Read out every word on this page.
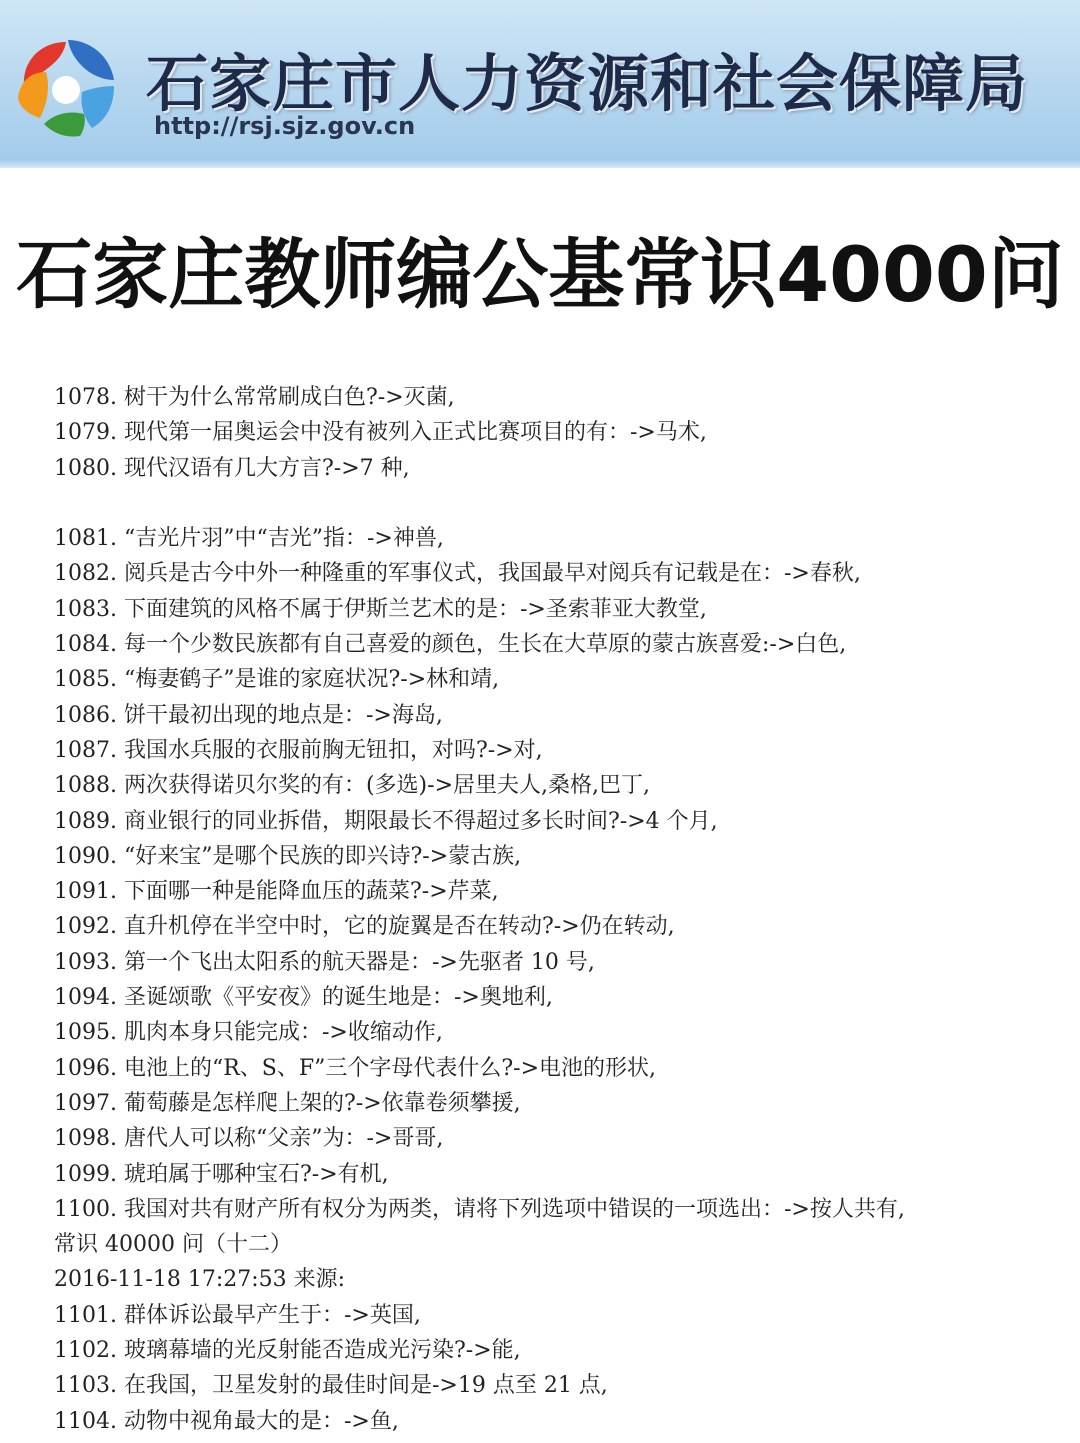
石家庄市人力资源和社会保障局
http://rsj.sjz.gov.cn
石家庄教师编公基常识4000问
1078. 树干为什么常常刷成白色?->灭菌,
1079. 现代第一届奥运会中没有被列入正式比赛项目的有：->马术,
1080. 现代汉语有几大方言?->7 种,
1081. “吉光片羽”中“吉光”指：->神兽,
1082. 阅兵是古今中外一种隆重的军事仪式，我国最早对阅兵有记载是在：->春秋,
1083. 下面建筑的风格不属于伊斯兰艺术的是：->圣索菲亚大教堂,
1084. 每一个少数民族都有自己喜爱的颜色，生长在大草原的蒙古族喜爱:->白色,
1085. “梅妻鹤子”是谁的家庭状况?->林和靖,
1086. 饼干最初出现的地点是：->海岛,
1087. 我国水兵服的衣服前胸无钮扣，对吗?->对,
1088. 两次获得诺贝尔奖的有：(多选)->居里夫人,桑格,巴丁,
1089. 商业银行的同业拆借，期限最长不得超过多长时间?->4 个月,
1090. “好来宝”是哪个民族的即兴诗?->蒙古族,
1091. 下面哪一种是能降血压的蔬菜?->芹菜,
1092. 直升机停在半空中时，它的旋翼是否在转动?->仍在转动,
1093. 第一个飞出太阳系的航天器是：->先驱者 10 号,
1094. 圣诞颂歌《平安夜》的诞生地是：->奥地利,
1095. 肌肉本身只能完成：->收缩动作,
1096. 电池上的“R、S、F”三个字母代表什么?->电池的形状,
1097. 葡萄藤是怎样爬上架的?->依靠卷须攀援,
1098. 唐代人可以称“父亲”为：->哥哥,
1099. 琥珀属于哪种宝石?->有机,
1100. 我国对共有财产所有权分为两类，请将下列选项中错误的一项选出：->按人共有,
常识 40000 问（十二）
2016-11-18 17:27:53 来源:
1101. 群体诉讼最早产生于：->英国,
1102. 玻璃幕墙的光反射能否造成光污染?->能,
1103. 在我国，卫星发射的最佳时间是->19 点至 21 点,
1104. 动物中视角最大的是：->鱼,
